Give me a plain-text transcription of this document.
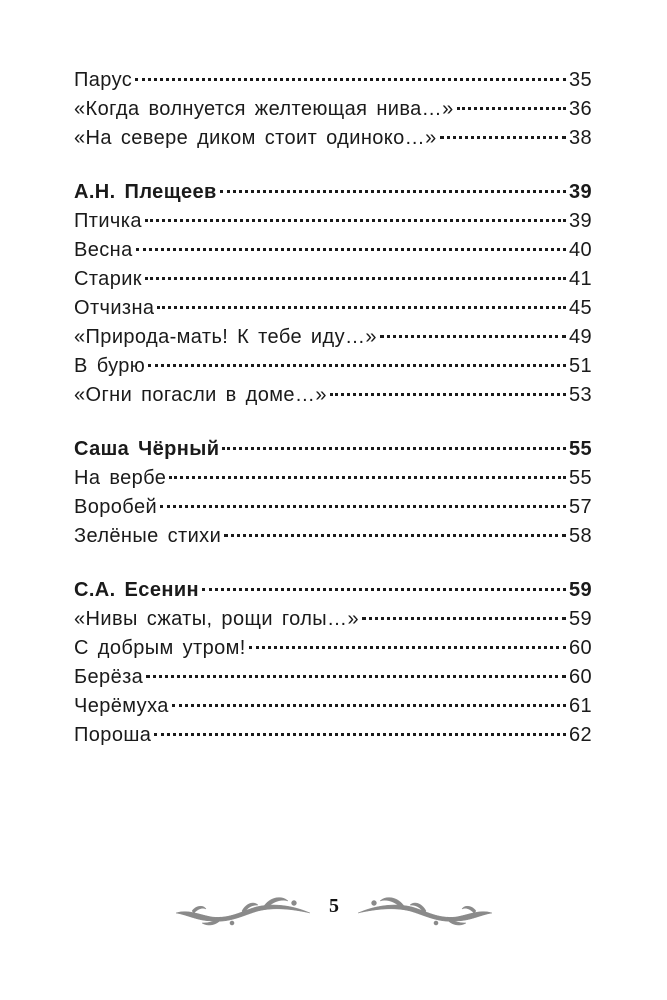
Парус	35
«Когда волнуется желтеющая нива…»	36
«На севере диком стоит одиноко…»	38
А.Н. Плещеев	39
Птичка	39
Весна	40
Старик	41
Отчизна	45
«Природа-мать! К тебе иду…»	49
В бурю	51
«Огни погасли в доме…»	53
Саша Чёрный	55
На вербе	55
Воробей	57
Зелёные стихи	58
С.А. Есенин	59
«Нивы сжаты, рощи голы…»	59
С добрым утром!	60
Берёза	60
Черёмуха	61
Пороша	62
5
